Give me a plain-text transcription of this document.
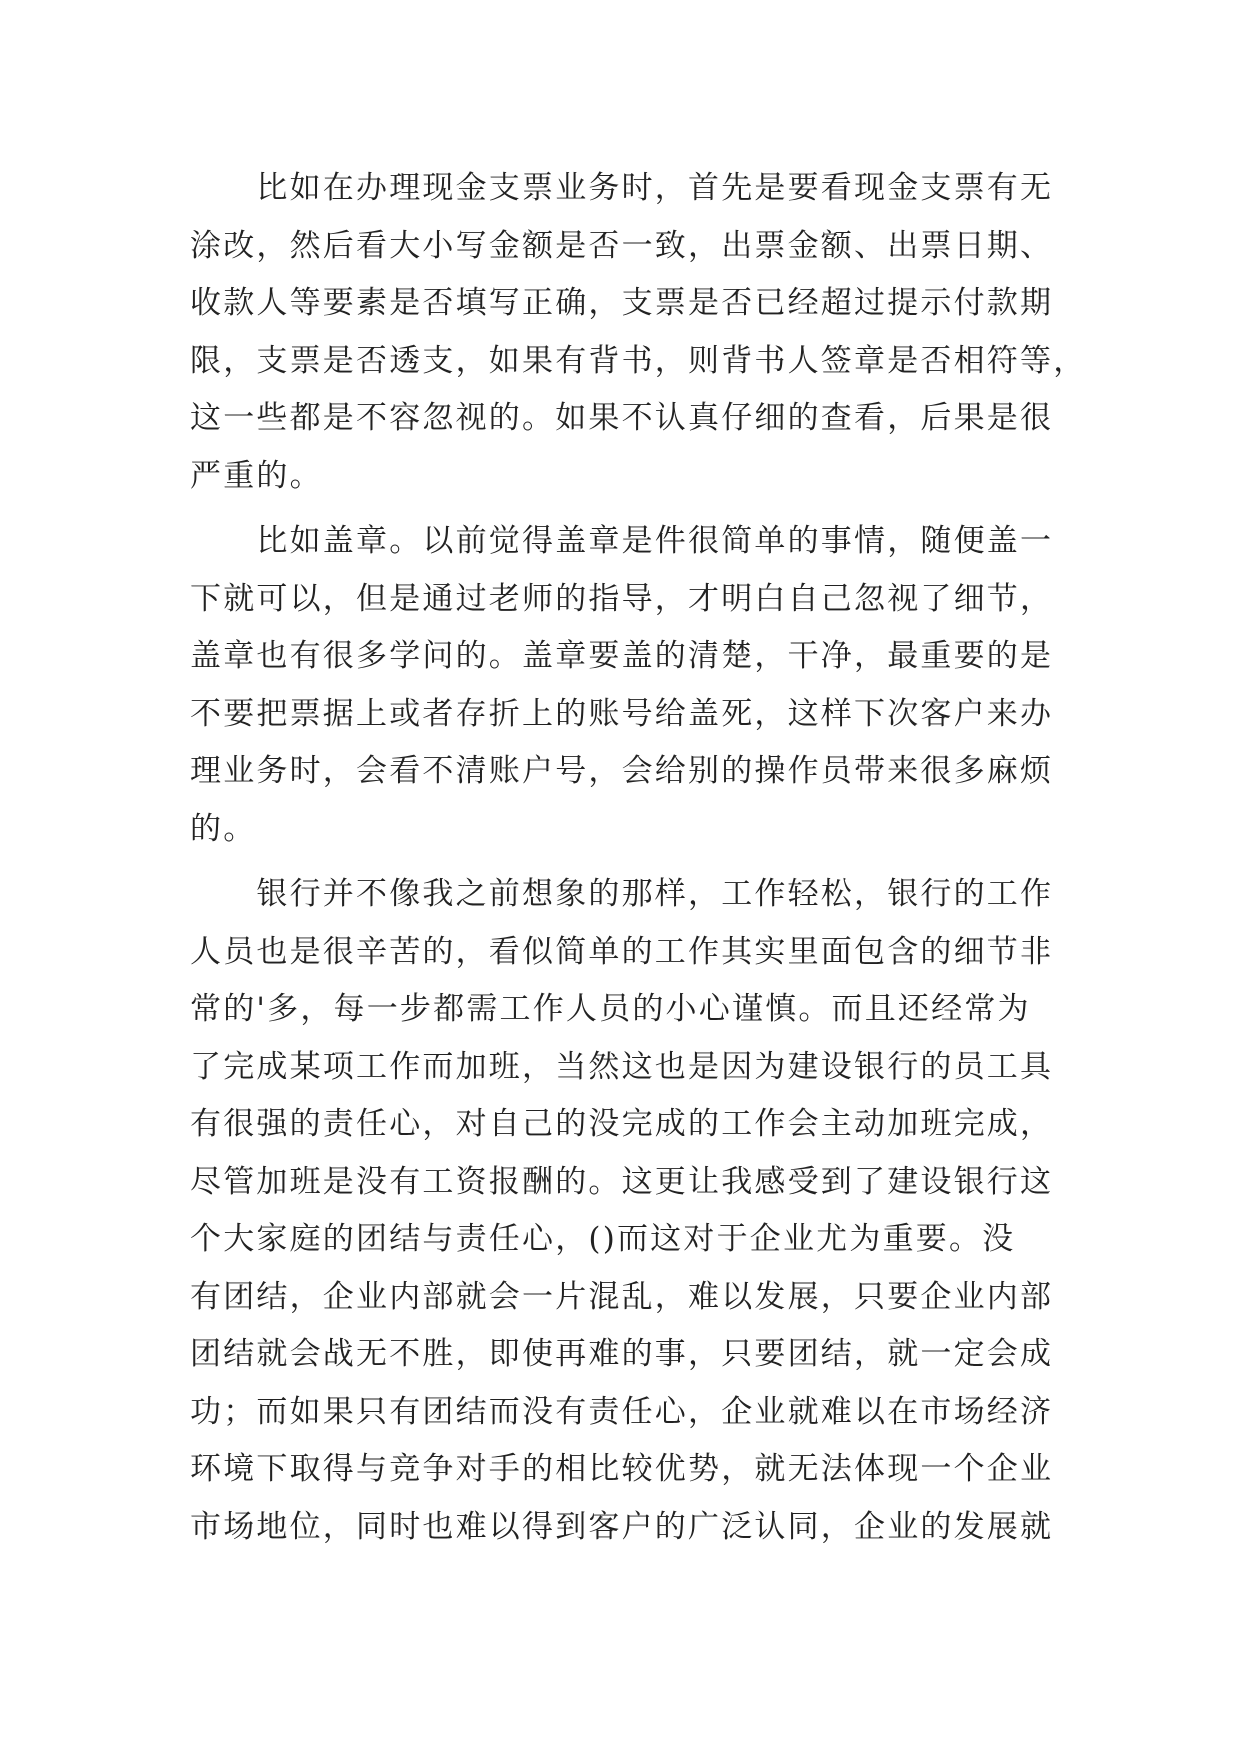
　　比如在办理现金支票业务时，首先是要看现金支票有无
涂改，然后看大小写金额是否一致，出票金额、出票日期、
收款人等要素是否填写正确，支票是否已经超过提示付款期
限，支票是否透支，如果有背书，则背书人签章是否相符等，
这一些都是不容忽视的。如果不认真仔细的查看，后果是很
严重的。
　　比如盖章。以前觉得盖章是件很简单的事情，随便盖一
下就可以，但是通过老师的指导，才明白自己忽视了细节，
盖章也有很多学问的。盖章要盖的清楚，干净，最重要的是
不要把票据上或者存折上的账号给盖死，这样下次客户来办
理业务时，会看不清账户号，会给别的操作员带来很多麻烦
的。
　　银行并不像我之前想象的那样，工作轻松，银行的工作
人员也是很辛苦的，看似简单的工作其实里面包含的细节非
常的'多，每一步都需工作人员的小心谨慎。而且还经常为
了完成某项工作而加班，当然这也是因为建设银行的员工具
有很强的责任心，对自己的没完成的工作会主动加班完成，
尽管加班是没有工资报酬的。这更让我感受到了建设银行这
个大家庭的团结与责任心，()而这对于企业尤为重要。没
有团结，企业内部就会一片混乱，难以发展，只要企业内部
团结就会战无不胜，即使再难的事，只要团结，就一定会成
功；而如果只有团结而没有责任心，企业就难以在市场经济
环境下取得与竞争对手的相比较优势，就无法体现一个企业
市场地位，同时也难以得到客户的广泛认同，企业的发展就
